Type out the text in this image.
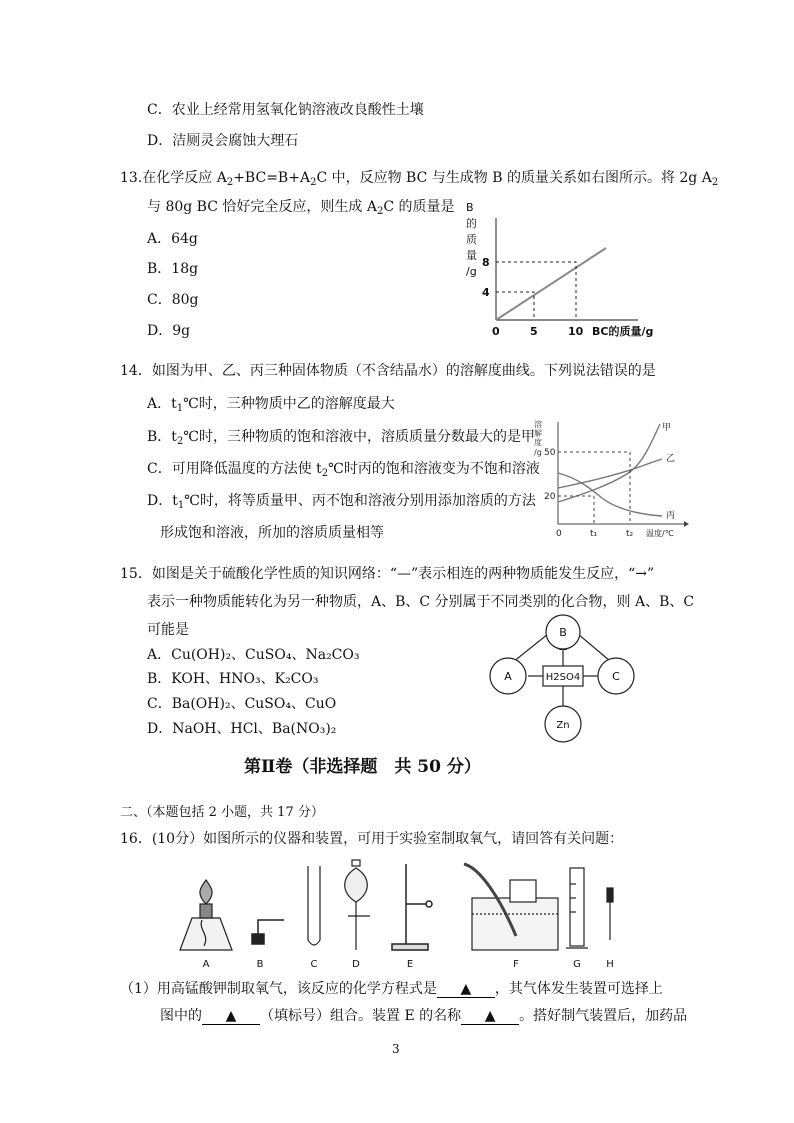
C．农业上经常用氢氧化钠溶液改良酸性土壤
D．洁厕灵会腐蚀大理石
13.在化学反应 $A_2+BC=B+A_2C$ 中，反应物 BC 与生成物 B 的质量关系如右图所示。将 2g $A_2$
与 80g BC 恰好完全反应，则生成 $A_2C$ 的质量是
A．64g
B．18g
C．80g
D．9g
B
的
质
量
/g
8
4
0	5	10 BC的质量/g
14．如图为甲、乙、丙三种固体物质（不含结晶水）的溶解度曲线。下列说法错误的是
A．$t_1℃$时，三种物质中乙的溶解度最大
B．$t_2℃$时，三种物质的饱和溶液中，溶质质量分数最大的是甲
C．可用降低温度的方法使 $t_2℃$时丙的饱和溶液变为不饱和溶液
D．$t_1℃$时，将等质量甲、丙不饱和溶液分别用添加溶质的方法
形成饱和溶液，所加的溶质质量相等
溶
解
度
/g 50
20
0	t₁	t₂ 温度/℃
甲
乙
丙
15．如图是关于硫酸化学性质的知识网络：“—”表示相连的两种物质能发生反应，“→”
表示一种物质能转化为另一种物质，A、B、C 分别属于不同类别的化合物，则 A、B、C
可能是
A．Cu(OH)₂、CuSO₄、Na₂CO₃
B．KOH、HNO₃、K₂CO₃
C．Ba(OH)₂、CuSO₄、CuO
D．NaOH、HCl、Ba(NO₃)₂
B
A	C
Zn
H2SO4
第Ⅱ卷（非选择题　共 50 分）
二、（本题包括 2 小题，共 17 分）
16．(10分）如图所示的仪器和装置，可用于实验室制取氧气，请回答有关问题：
A	B	C	D	E	F	G	H
（1）用高锰酸钾制取氧气，该反应的化学方程式是 ▲ ，其气体发生装置可选择上
图中的 ▲ （填标号）组合。装置 E 的名称 ▲ 。搭好制气装置后，加药品
3
